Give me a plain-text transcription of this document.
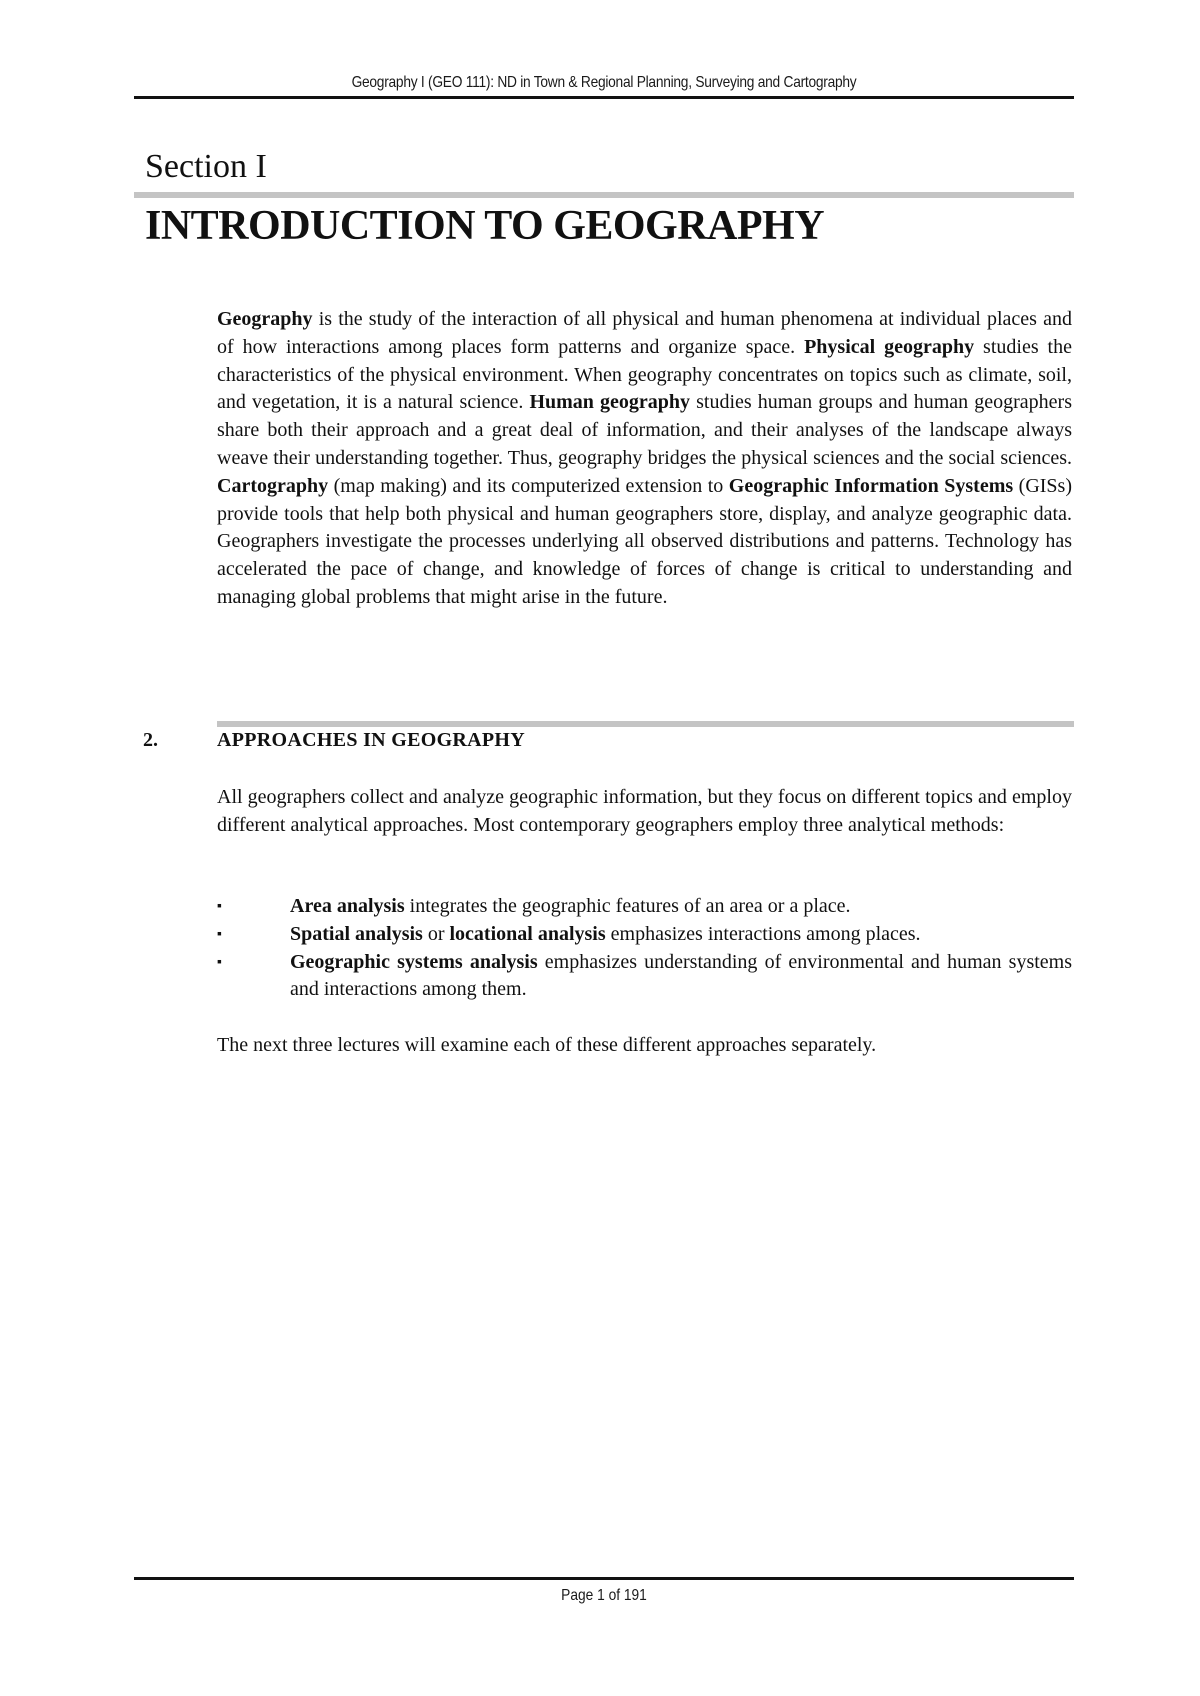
Geography I (GEO 111): ND in Town & Regional Planning, Surveying and Cartography
Section I
INTRODUCTION TO GEOGRAPHY
Geography is the study of the interaction of all physical and human phenomena at individual places and of how interactions among places form patterns and organize space. Physical geography studies the characteristics of the physical environment. When geography concentrates on topics such as climate, soil, and vegetation, it is a natural science. Human geography studies human groups and human geographers share both their approach and a great deal of information, and their analyses of the landscape always weave their understanding together. Thus, geography bridges the physical sciences and the social sciences. Cartography (map making) and its computerized extension to Geographic Information Systems (GISs) provide tools that help both physical and human geographers store, display, and analyze geographic data. Geographers investigate the processes underlying all observed distributions and patterns. Technology has accelerated the pace of change, and knowledge of forces of change is critical to understanding and managing global problems that might arise in the future.
2.	APPROACHES IN GEOGRAPHY
All geographers collect and analyze geographic information, but they focus on different topics and employ different analytical approaches. Most contemporary geographers employ three analytical methods:
▪	Area analysis integrates the geographic features of an area or a place.
▪	Spatial analysis or locational analysis emphasizes interactions among places.
▪	Geographic systems analysis emphasizes understanding of environmental and human systems and interactions among them.
The next three lectures will examine each of these different approaches separately.
Page 1 of 191
